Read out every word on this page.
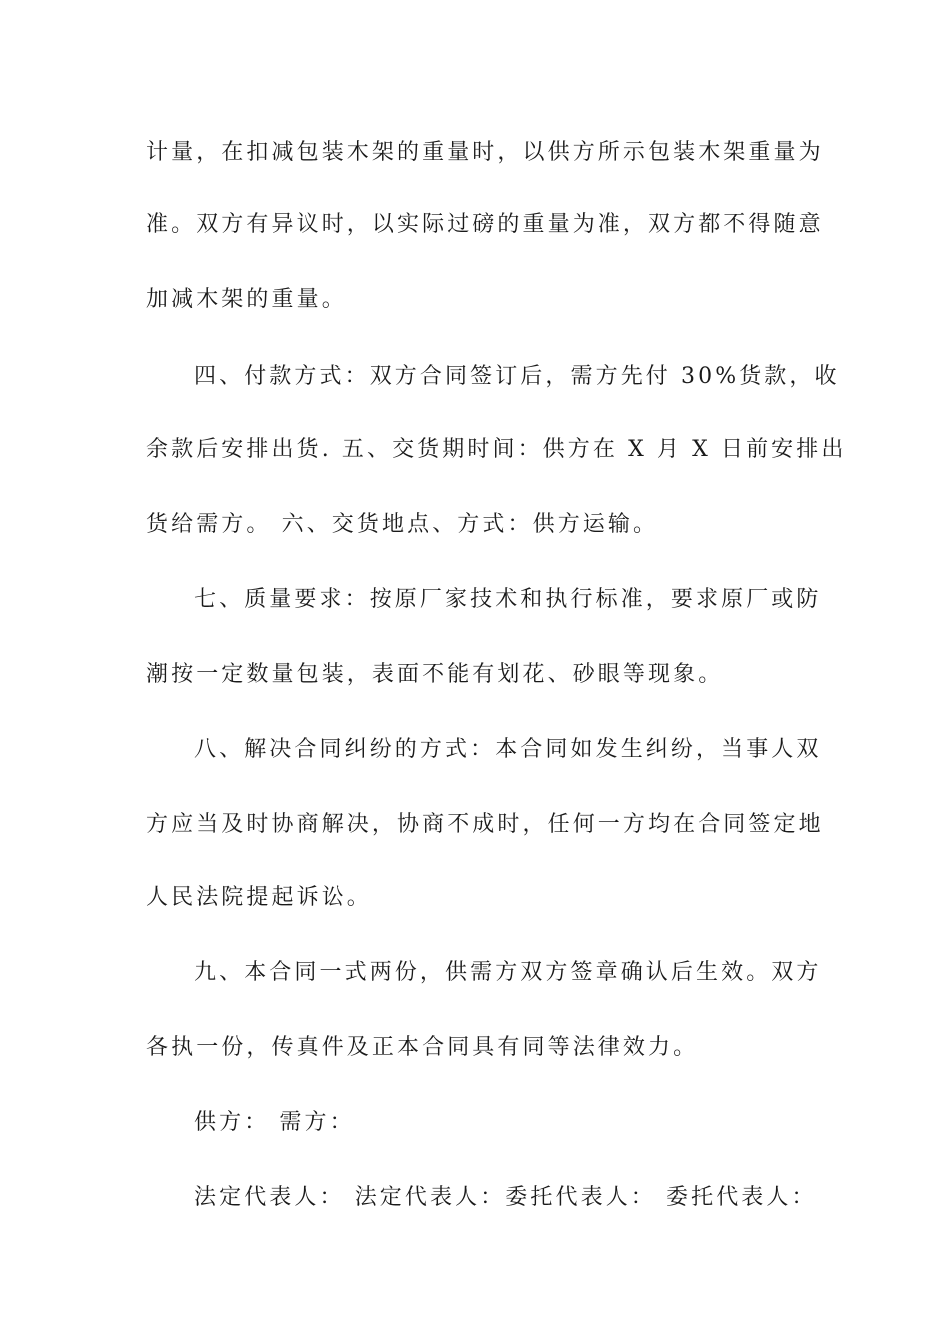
计量，在扣减包装木架的重量时，以供方所示包装木架重量为
准。双方有异议时，以实际过磅的重量为准，双方都不得随意
加减木架的重量。
四、付款方式：双方合同签订后，需方先付 30%货款，收
余款后安排出货. 五、交货期时间：供方在 X 月 X 日前安排出
货给需方。 六、交货地点、方式：供方运输。
七、质量要求：按原厂家技术和执行标准，要求原厂或防
潮按一定数量包装，表面不能有划花、砂眼等现象。
八、解决合同纠纷的方式：本合同如发生纠纷，当事人双
方应当及时协商解决，协商不成时，任何一方均在合同签定地
人民法院提起诉讼。
九、本合同一式两份，供需方双方签章确认后生效。双方
各执一份，传真件及正本合同具有同等法律效力。
供方： 需方：
法定代表人： 法定代表人：委托代表人： 委托代表人：
